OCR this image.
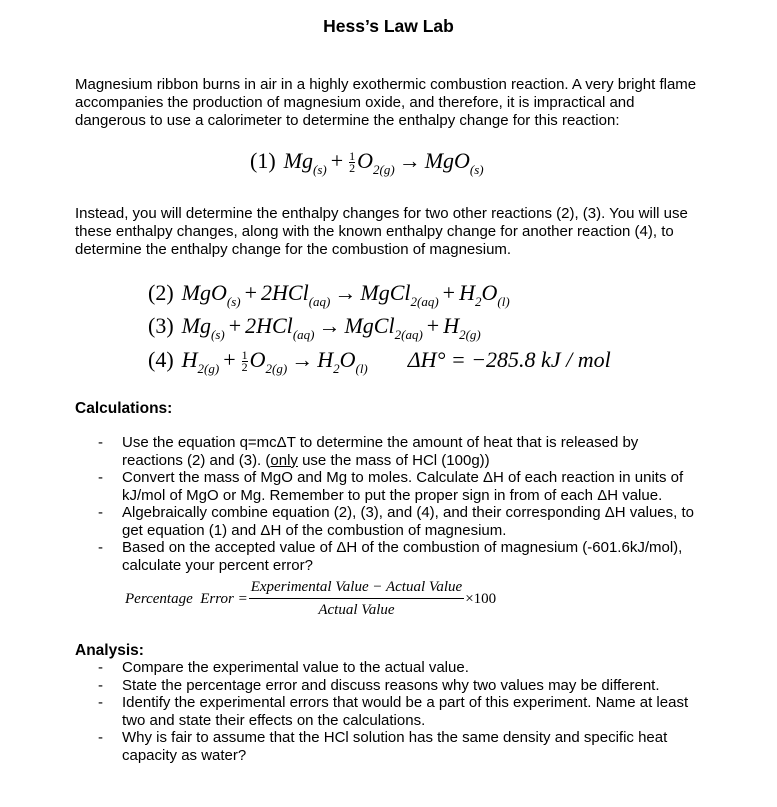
Hess’s Law Lab
Magnesium ribbon burns in air in a highly exothermic combustion reaction. A very bright flame accompanies the production of magnesium oxide, and therefore, it is impractical and dangerous to use a calorimeter to determine the enthalpy change for this reaction:
(1) $Mg_{(s)} + \frac{1}{2} O_{2(g)} \to MgO_{(s)}$
Instead, you will determine the enthalpy changes for two other reactions (2), (3). You will use these enthalpy changes, along with the known enthalpy change for another reaction (4), to determine the enthalpy change for the combustion of magnesium.
(2) MgO$_{(s)}$ + 2HCl$_{(aq)}$ → MgCl$_{2(aq)}$ + $H_2O_{(l)}$
(3) $Mg_{(s)} + 2HCl_{(aq)}$ → MgCl$_{2(aq)}$ + $H_{2(g)}$
(4) $H_{2(g)} + \frac{1}{2} O_{2(g)} \to H_2O_{(l)}$ ΔH° = −285.8 kJ / mol
Calculations:
- Use the equation q=mcΔT to determine the amount of heat that is released by reactions (2) and (3). (only use the mass of HCl (100g))
- Convert the mass of MgO and Mg to moles. Calculate ΔH of each reaction in units of kJ/mol of MgO or Mg. Remember to put the proper sign in from of each ΔH value.
- Algebraically combine equation (2), (3), and (4), and their corresponding ΔH values, to get equation (1) and ΔH of the combustion of magnesium.
- Based on the accepted value of ΔH of the combustion of magnesium (-601.6kJ/mol), calculate your percent error?
Percentage  Error =
Experimental Value − Actual Value
Actual Value
×100
Analysis:
- Compare the experimental value to the actual value.
- State the percentage error and discuss reasons why two values may be different.
- Identify the experimental errors that would be a part of this experiment. Name at least two and state their effects on the calculations.
- Why is fair to assume that the HCl solution has the same density and specific heat capacity as water?
